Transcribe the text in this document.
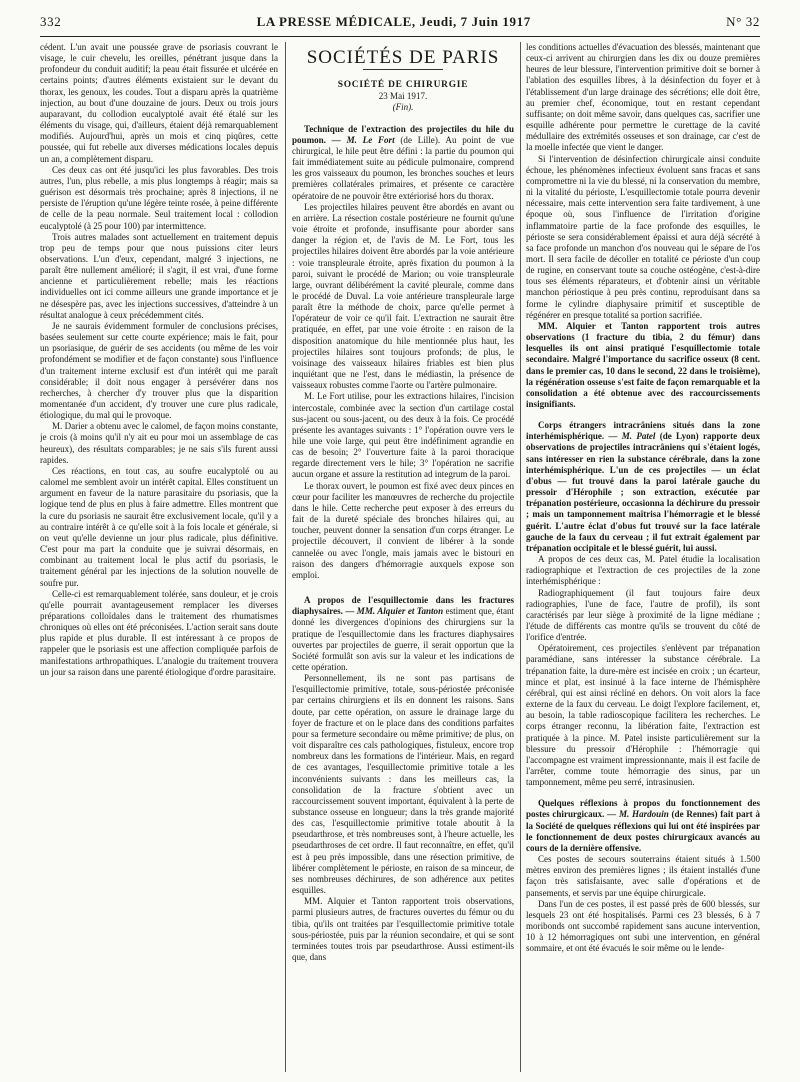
332	LA PRESSE MÉDICALE, Jeudi, 7 Juin 1917	N° 32

cédent. L'un avait une poussée grave de psoriasis couvrant le visage, le cuir chevelu, les oreilles, pénétrant jusque dans la profondeur du conduit auditif; la peau était fissurée et ulcérée en certains points; d'autres éléments existaient sur le devant du thorax, les genoux, les coudes. Tout a disparu après la quatrième injection, au bout d'une douzaine de jours. Deux ou trois jours auparavant, du collodion eucalyptolé avait été étalé sur les éléments du visage, qui, d'ailleurs, étaient déjà remarquablement modifiés. Aujourd'hui, après un mois et cinq piqûres, cette poussée, qui fut rebelle aux diverses médications locales depuis un an, a complètement disparu.

Ces deux cas ont été jusqu'ici les plus favorables. Des trois autres, l'un, plus rebelle, a mis plus longtemps à réagir; mais sa guérison est désormais très prochaine; après 8 injections, il ne persiste de l'éruption qu'une légère teinte rosée, à peine différente de celle de la peau normale. Seul traitement local : collodion eucalyptolé (à 25 pour 100) par intermittence.

Trois autres malades sont actuellement en traitement depuis trop peu de temps pour que nous puissions citer leurs observations. L'un d'eux, cependant, malgré 3 injections, ne paraît être nullement amélioré; il s'agit, il est vrai, d'une forme ancienne et particulièrement rebelle; mais les réactions individuelles ont ici comme ailleurs une grande importance et je ne désespère pas, avec les injections successives, d'atteindre à un résultat analogue à ceux précédemment cités.

Je ne saurais évidemment formuler de conclusions précises, basées seulement sur cette courte expérience; mais le fait, pour un psoriasique, de guérir de ses accidents (ou même de les voir profondément se modifier et de façon constante) sous l'influence d'un traitement interne exclusif est d'un intérêt qui me paraît considérable; il doit nous engager à persévérer dans nos recherches, à chercher d'y trouver plus que la disparition momentanée d'un accident, d'y trouver une cure plus radicale, étiologique, du mal qui le provoque.

M. Darier a obtenu avec le calomel, de façon moins constante, je crois (à moins qu'il n'y ait eu pour moi un assemblage de cas heureux), des résultats comparables; je ne sais s'ils furent aussi rapides.

Ces réactions, en tout cas, au soufre eucalyptolé ou au calomel me semblent avoir un intérêt capital. Elles constituent un argument en faveur de la nature parasitaire du psoriasis, que la logique tend de plus en plus à faire admettre. Elles montrent que la cure du psoriasis ne saurait être exclusivement locale, qu'il y a au contraire intérêt à ce qu'elle soit à la fois locale et générale, si on veut qu'elle devienne un jour plus radicale, plus définitive. C'est pour ma part la conduite que je suivrai désormais, en combinant au traitement local le plus actif du psoriasis, le traitement général par les injections de la solution nouvelle de soufre pur.

Celle-ci est remarquablement tolérée, sans douleur, et je crois qu'elle pourrait avantageusement remplacer les diverses préparations colloïdales dans le traitement des rhumatismes chroniques où elles ont été préconisées. L'action serait sans doute plus rapide et plus durable. Il est intéressant à ce propos de rappeler que le psoriasis est une affection compliquée parfois de manifestations arthropathiques. L'analogie du traitement trouvera un jour sa raison dans une parenté étiologique d'ordre parasitaire.

SOCIÉTÉS DE PARIS
SOCIÉTÉ DE CHIRURGIE
23 Mai 1917.
(Fin).

Technique de l'extraction des projectiles du hile du poumon. — M. Le Fort (de Lille). Au point de vue chirurgical, le hile peut être défini : la partie du poumon qui fait immédiatement suite au pédicule pulmonaire, comprend les gros vaisseaux du poumon, les bronches souches et leurs premières collatérales primaires, et présente ce caractère opératoire de ne pouvoir être extériorisé hors du thorax.

Les projectiles hilaires peuvent être abordés en avant ou en arrière. La résection costale postérieure ne fournit qu'une voie étroite et profonde, insuffisante pour aborder sans danger la région et, de l'avis de M. Le Fort, tous les projectiles hilaires doivent être abordés par la voie antérieure : voie transpleurale étroite, après fixation du poumon à la paroi, suivant le procédé de Marion; ou voie transpleurale large, ouvrant délibérément la cavité pleurale, comme dans le procédé de Duval. La voie antérieure transpleurale large paraît être la méthode de choix, parce qu'elle permet à l'opérateur de voir ce qu'il fait. L'extraction ne saurait être pratiquée, en effet, par une voie étroite : en raison de la disposition anatomique du hile mentionnée plus haut, les projectiles hilaires sont toujours profonds; de plus, le voisinage des vaisseaux hilaires friables est bien plus inquiétant que ne l'est, dans le médiastin, la présence de vaisseaux robustes comme l'aorte ou l'artère pulmonaire.

M. Le Fort utilise, pour les extractions hilaires, l'incision intercostale, combinée avec la section d'un cartilage costal sus-jacent ou sous-jacent, ou des deux à la fois. Ce procédé présente les avantages suivants : 1° l'opération ouvre vers le hile une voie large, qui peut être indéfiniment agrandie en cas de besoin; 2° l'ouverture faite à la paroi thoracique regarde directement vers le hile; 3° l'opération ne sacrifie aucun organe et assure la restitution ad integrum de la paroi.

Le thorax ouvert, le poumon est fixé avec deux pinces en cœur pour faciliter les manœuvres de recherche du projectile dans le hile. Cette recherche peut exposer à des erreurs du fait de la dureté spéciale des bronches hilaires qui, au toucher, peuvent donner la sensation d'un corps étranger. Le projectile découvert, il convient de libérer à la sonde cannelée ou avec l'ongle, mais jamais avec le bistouri en raison des dangers d'hémorragie auxquels expose son emploi.

A propos de l'esquillectomie dans les fractures diaphysaires. — MM. Alquier et Tanton estiment que, étant donné les divergences d'opinions des chirurgiens sur la pratique de l'esquillectomie dans les fractures diaphysaires ouvertes par projectiles de guerre, il serait opportun que la Société formulât son avis sur la valeur et les indications de cette opération.

Personnellement, ils ne sont pas partisans de l'esquillectomie primitive, totale, sous-périostée préconisée par certains chirurgiens et ils en donnent les raisons. Sans doute, par cette opération, on assure le drainage large du foyer de fracture et on le place dans des conditions parfaites pour sa fermeture secondaire ou même primitive; de plus, on voit disparaître ces cals pathologiques, fistuleux, encore trop nombreux dans les formations de l'intérieur. Mais, en regard de ces avantages, l'esquillectomie primitive totale a les inconvénients suivants : dans les meilleurs cas, la consolidation de la fracture s'obtient avec un raccourcissement souvent important, équivalent à la perte de substance osseuse en longueur; dans la très grande majorité des cas, l'esquillectomie primitive totale aboutit à la pseudarthrose, et très nombreuses sont, à l'heure actuelle, les pseudarthroses de cet ordre. Il faut reconnaître, en effet, qu'il est à peu près impossible, dans une résection primitive, de libérer complètement le périoste, en raison de sa minceur, de ses nombreuses déchirures, de son adhérence aux petites esquilles.

MM. Alquier et Tanton rapportent trois observations, parmi plusieurs autres, de fractures ouvertes du fémur ou du tibia, qu'ils ont traitées par l'esquillectomie primitive totale sous-périostée, puis par la réunion secondaire, et qui se sont terminées toutes trois par pseudarthrose. Aussi estiment-ils que, dans

les conditions actuelles d'évacuation des blessés, maintenant que ceux-ci arrivent au chirurgien dans les dix ou douze premières heures de leur blessure, l'intervention primitive doit se borner à l'ablation des esquilles libres, à la désinfection du foyer et à l'établissement d'un large drainage des sécrétions; elle doit être, au premier chef, économique, tout en restant cependant suffisante; on doit même savoir, dans quelques cas, sacrifier une esquille adhérente pour permettre le curettage de la cavité médullaire des extrémités osseuses et son drainage, car c'est de la moelle infectée que vient le danger.

Si l'intervention de désinfection chirurgicale ainsi conduite échoue, les phénomènes infectieux évoluent sans fracas et sans compromettre ni la vie du blessé, ni la conservation du membre, ni la vitalité du périoste, L'esquillectomie totale pourra devenir nécessaire, mais cette intervention sera faite tardivement, à une époque où, sous l'influence de l'irritation d'origine inflammatoire partie de la face profonde des esquilles, le périoste se sera considérablement épaissi et aura déjà sécrété à sa face profonde un manchon d'os nouveau qui le sépare de l'os mort. Il sera facile de décoller en totalité ce périoste d'un coup de rugine, en conservant toute sa couche ostéogène, c'est-à-dire tous ses éléments réparateurs, et d'obtenir ainsi un véritable manchon périostique à peu près continu, reproduisant dans sa forme le cylindre diaphysaire primitif et susceptible de régénérer en presque totalité sa portion sacrifiée.

MM. Alquier et Tanton rapportent trois autres observations (1 fracture du tibia, 2 du fémur) dans lesquelles ils ont ainsi pratiqué l'esquillectomie totale secondaire. Malgré l'importance du sacrifice osseux (8 cent. dans le premier cas, 10 dans le second, 22 dans le troisième), la régénération osseuse s'est faite de façon remarquable et la consolidation a été obtenue avec des raccourcissements insignifiants.

Corps étrangers intracrâniens situés dans la zone interhémisphérique. — M. Patel (de Lyon) rapporte deux observations de projectiles intracrâniens qui s'étaient logés, sans intéresser en rien la substance cérébrale, dans la zone interhémisphérique. L'un de ces projectiles — un éclat d'obus — fut trouvé dans la paroi latérale gauche du pressoir d'Hérophile ; son extraction, exécutée par trépanation postérieure, occasionna la déchirure du pressoir ; mais un tamponnement maîtrisa l'hémorragie et le blessé guérit. L'autre éclat d'obus fut trouvé sur la face latérale gauche de la faux du cerveau ; il fut extrait également par trépanation occipitale et le blessé guérit, lui aussi.

A propos de ces deux cas, M. Patel étudie la localisation radiographique et l'extraction de ces projectiles de la zone interhémisphérique :

Radiographiquement (il faut toujours faire deux radiographies, l'une de face, l'autre de profil), ils sont caractérisés par leur siège à proximité de la ligne médiane ; l'étude de différents cas montre qu'ils se trouvent du côté de l'orifice d'entrée.

Opératoirement, ces projectiles s'enlèvent par trépanation paramédiane, sans intéresser la substance cérébrale. La trépanation faite, la dure-mère est incisée en croix ; un écarteur, mince et plat, est insinué à la face interne de l'hémisphère cérébral, qui est ainsi récliné en dehors. On voit alors la face externe de la faux du cerveau. Le doigt l'explore facilement, et, au besoin, la table radioscopique facilitera les recherches. Le corps étranger reconnu, la libération faite, l'extraction est pratiquée à la pince. M. Patel insiste particulièrement sur la blessure du pressoir d'Hérophile : l'hémorragie qui l'accompagne est vraiment impressionnante, mais il est facile de l'arrêter, comme toute hémorragie des sinus, par un tamponnement, même peu serré, intrasinusien.

Quelques réflexions à propos du fonctionnement des postes chirurgicaux. — M. Hardouin (de Rennes) fait part à la Société de quelques réflexions qui lui ont été inspirées par le fonctionnement de deux postes chirurgicaux avancés au cours de la dernière offensive.

Ces postes de secours souterrains étaient situés à 1.500 mètres environ des premières lignes ; ils étaient installés d'une façon très satisfaisante, avec salle d'opérations et de pansements, et servis par une équipe chirurgicale.

Dans l'un de ces postes, il est passé près de 600 blessés, sur lesquels 23 ont été hospitalisés. Parmi ces 23 blessés, 6 à 7 moribonds ont succombé rapidement sans aucune intervention, 10 à 12 hémorragiques ont subi une intervention, en général sommaire, et ont été évacués le soir même ou le lende-
